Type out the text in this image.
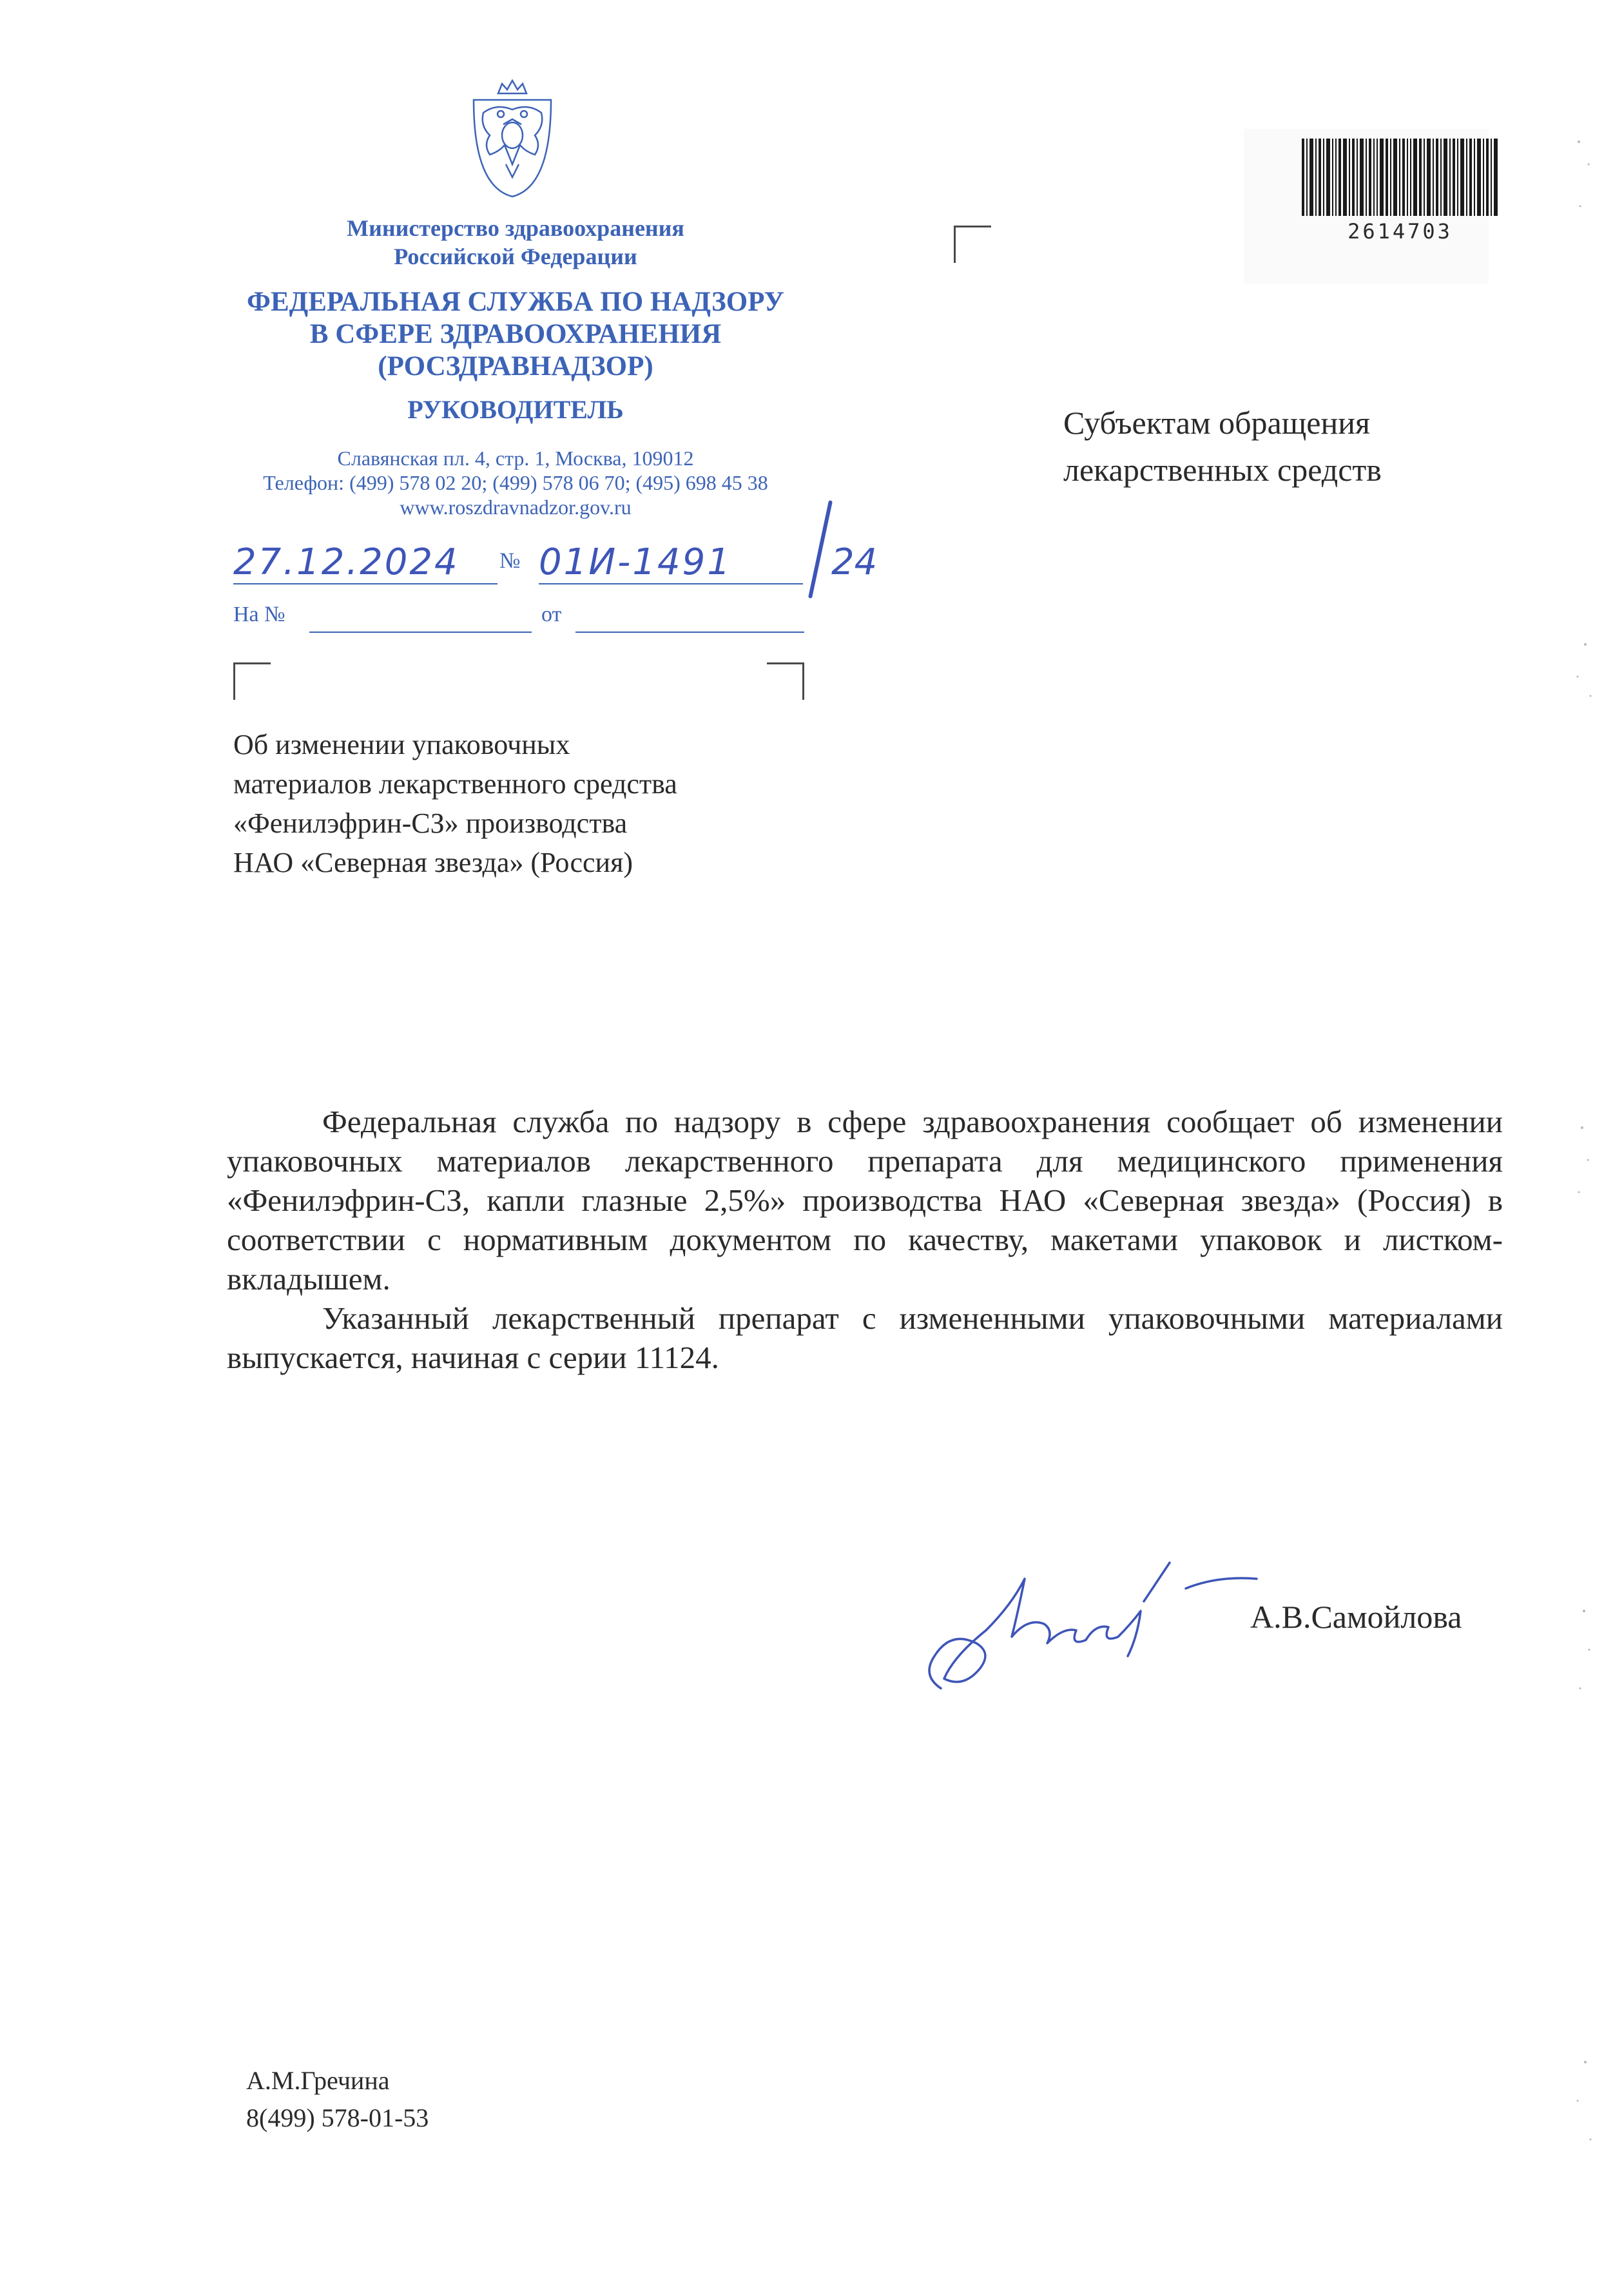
Министерство здравоохранения
Российской Федерации
ФЕДЕРАЛЬНАЯ СЛУЖБА ПО НАДЗОРУ
В СФЕРЕ ЗДРАВООХРАНЕНИЯ
(РОСЗДРАВНАДЗОР)
РУКОВОДИТЕЛЬ
Славянская пл. 4, стр. 1, Москва, 109012
Телефон: (499) 578 02 20; (499) 578 06 70; (495) 698 45 38
www.roszdravnadzor.gov.ru
27.12.2024 № 01И-1491	24
На №	от
2614703
Субъектам обращения
лекарственных средств
Об изменении упаковочных
материалов лекарственного средства
«Фенилэфрин-СЗ» производства
НАО «Северная звезда» (Россия)

Федеральная служба по надзору в сфере здравоохранения сообщает об изменении упаковочных материалов лекарственного препарата для медицинского применения «Фенилэфрин-СЗ, капли глазные 2,5%» производства НАО «Северная звезда» (Россия) в соответствии с нормативным документом по качеству, макетами упаковок и листком-вкладышем.

Указанный лекарственный препарат с измененными упаковочными материалами выпускается, начиная с серии 11124.

А.В.Самойлова
А.М.Гречина
8(499) 578-01-53
